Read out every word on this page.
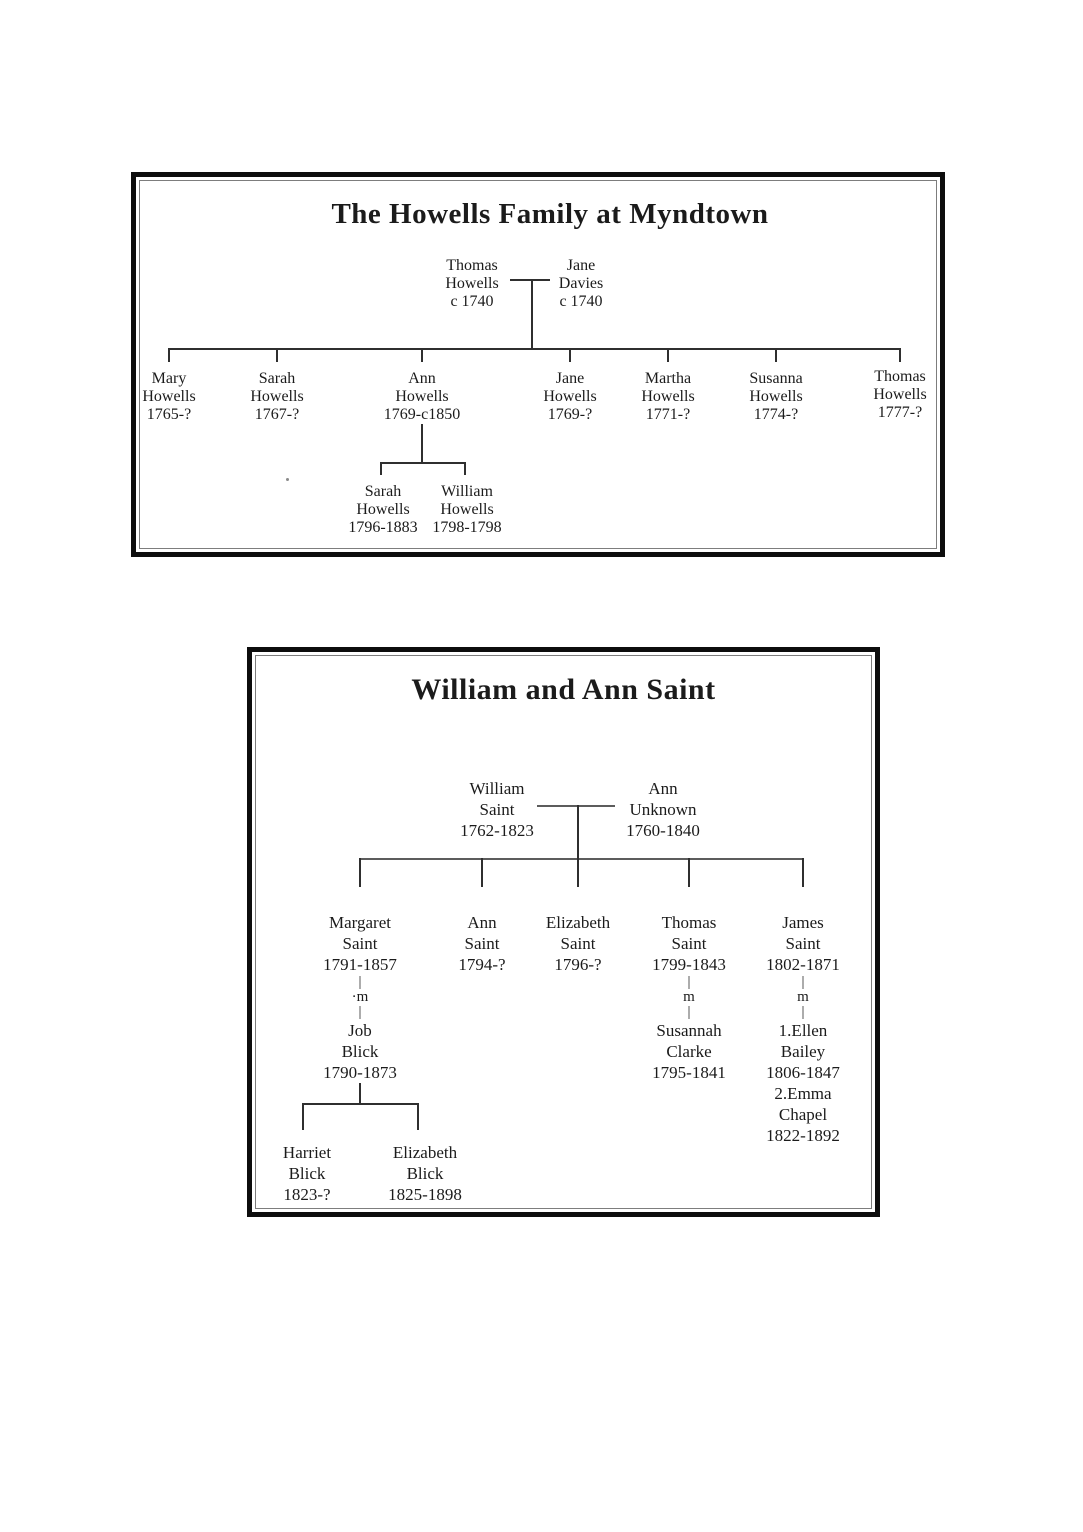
The Howells Family at Myndtown
Thomas
Howells
c 1740
Jane
Davies
c 1740
Mary
Howells
1765-?
Sarah
Howells
1767-?
Ann
Howells
1769-c1850
Jane
Howells
1769-?
Martha
Howells
1771-?
Susanna
Howells
1774-?
Thomas
Howells
1777-?
Sarah
Howells
1796-1883
William
Howells
1798-1798
William and Ann Saint
William
Saint
1762-1823
Ann
Unknown
1760-1840
Margaret
Saint
1791-1857
|
·m
|
Job
Blick
1790-1873
Ann
Saint
1794-?
Elizabeth
Saint
1796-?
Thomas
Saint
1799-1843
|
m
|
Susannah
Clarke
1795-1841
James
Saint
1802-1871
|
m
|
1.Ellen
Bailey
1806-1847
2.Emma
Chapel
1822-1892
Harriet
Blick
1823-?
Elizabeth
Blick
1825-1898
